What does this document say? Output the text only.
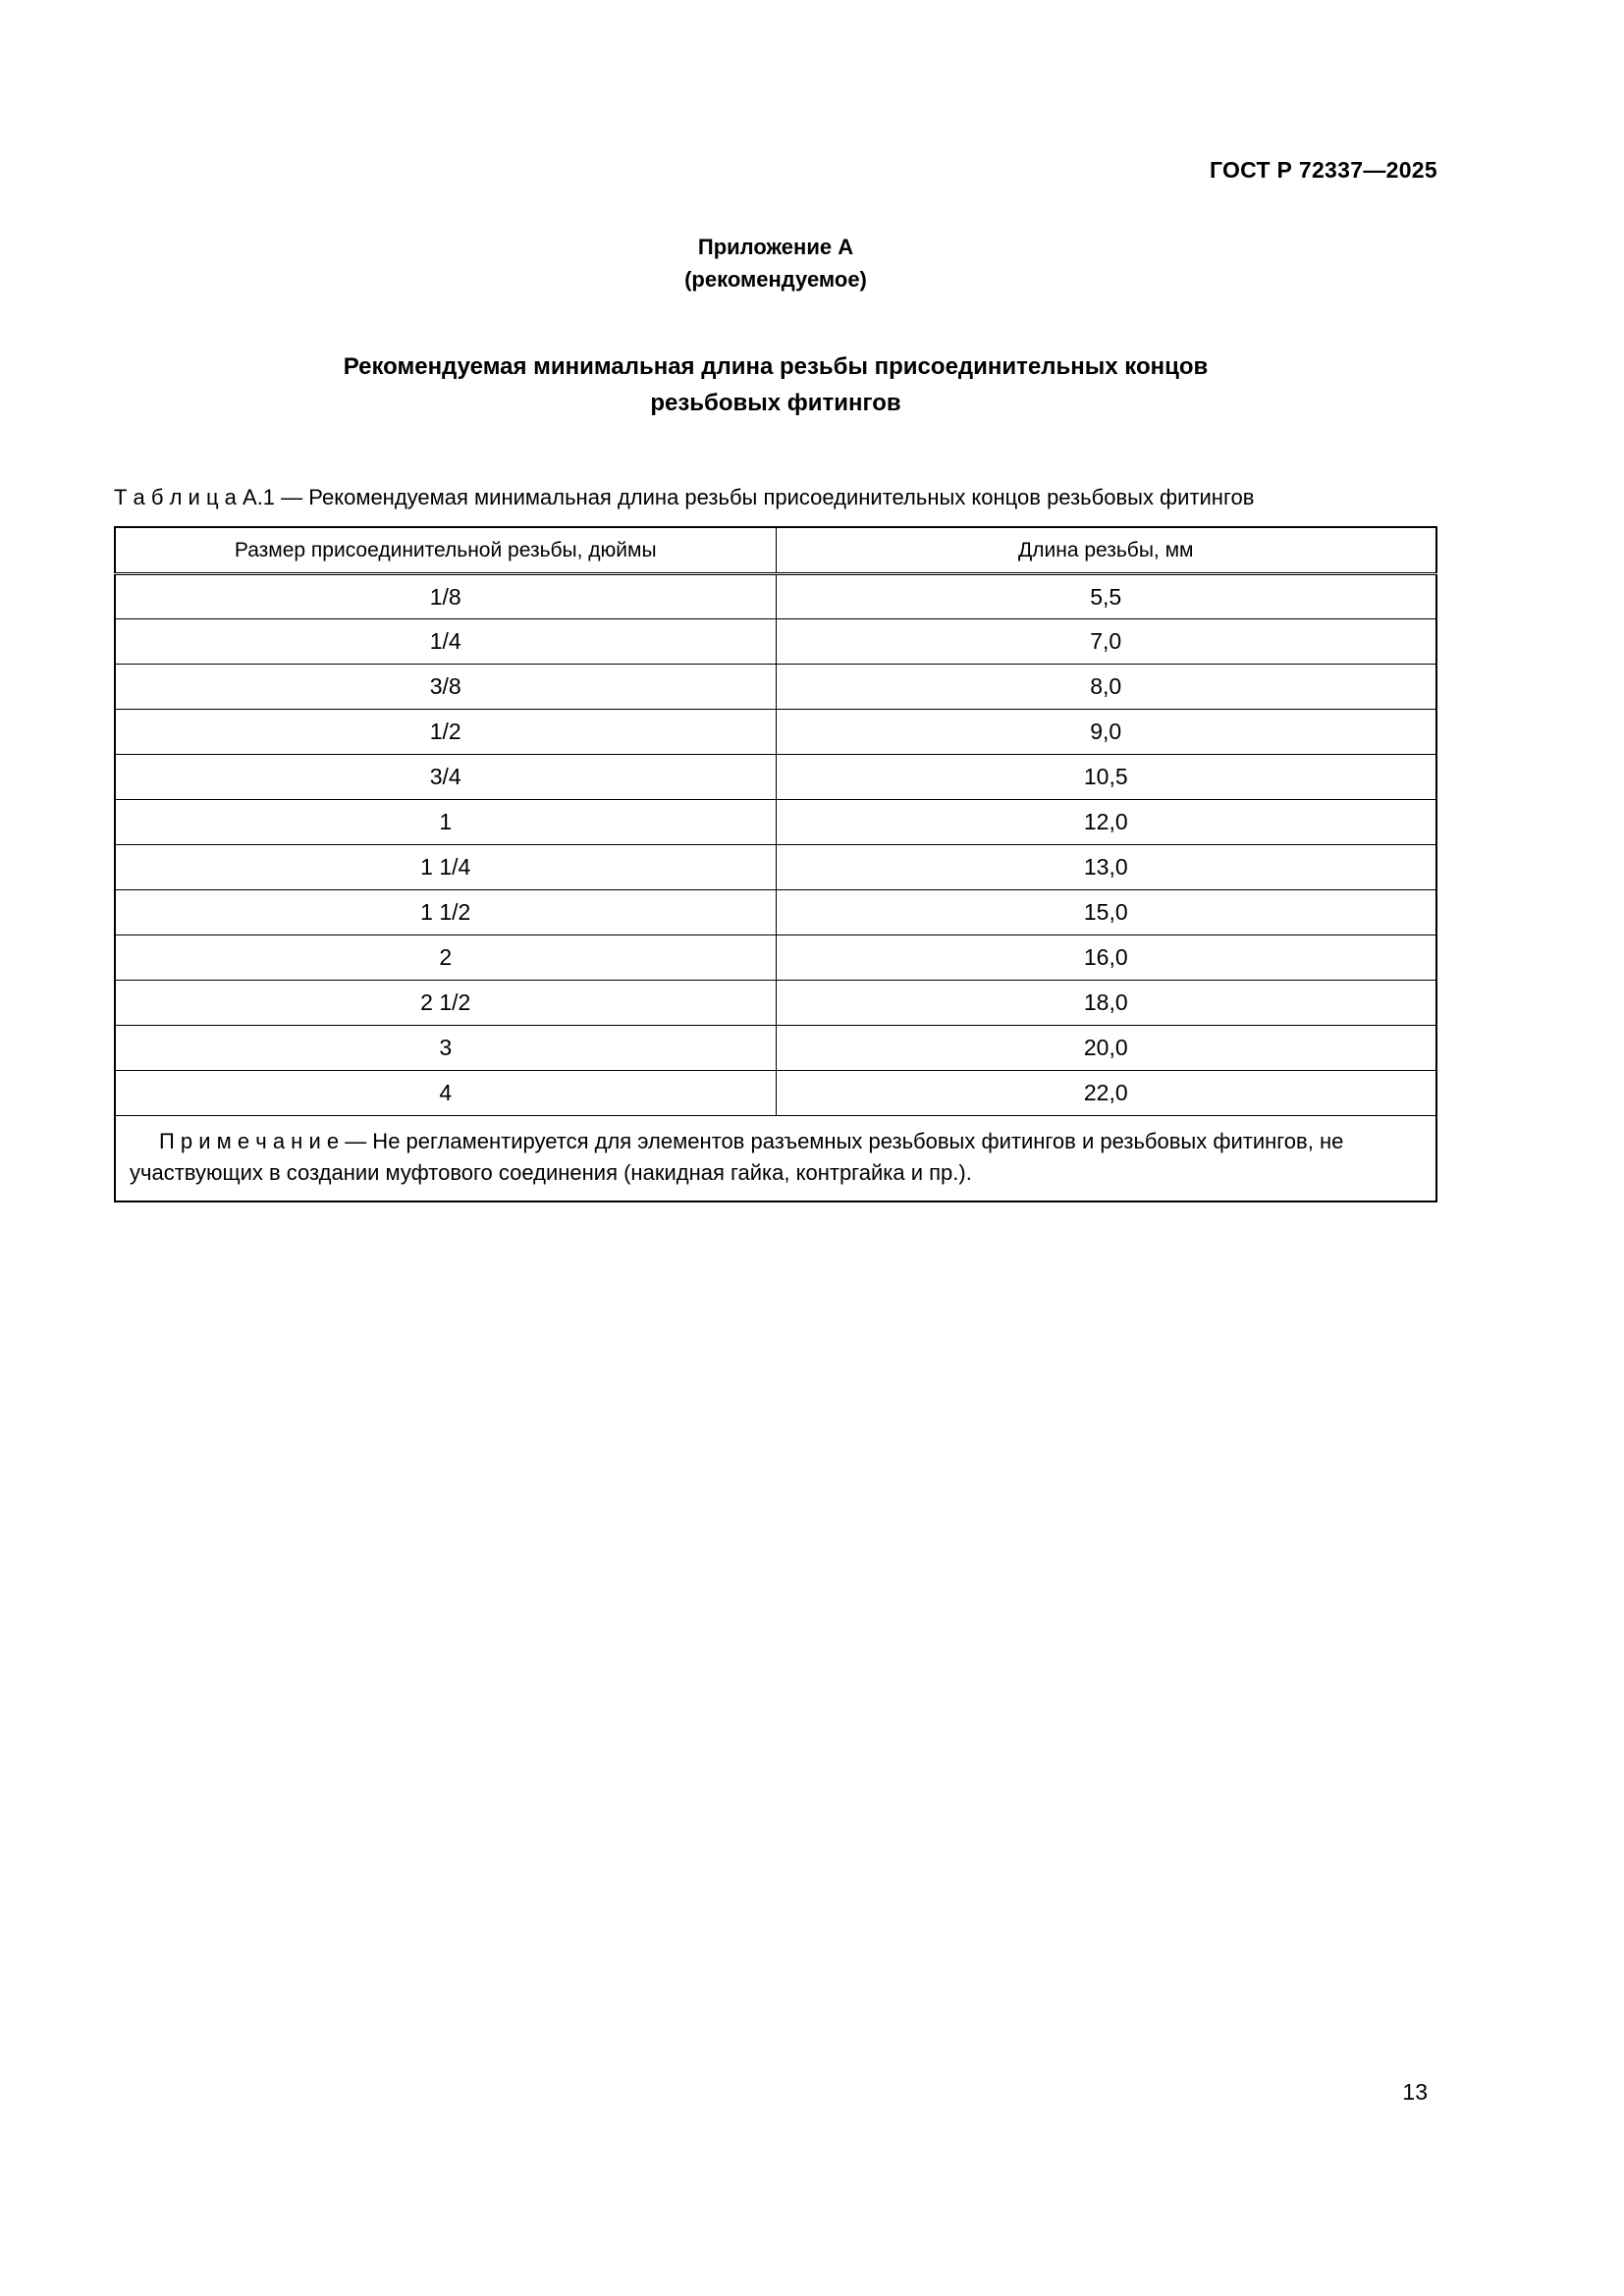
ГОСТ Р 72337—2025
Приложение А
(рекомендуемое)
Рекомендуемая минимальная длина резьбы присоединительных концов
резьбовых фитингов
Т а б л и ц а А.1 — Рекомендуемая минимальная длина резьбы присоединительных концов резьбовых фитингов
Размер присоединительной резьбы, дюймы	Длина резьбы, мм
1/8	5,5
1/4	7,0
3/8	8,0
1/2	9,0
3/4	10,5
1	12,0
1 1/4	13,0
1 1/2	15,0
2	16,0
2 1/2	18,0
3	20,0
4	22,0

П р и м е ч а н и е — Не регламентируется для элементов разъемных резьбовых фитингов и резьбовых фитингов, не участвующих в создании муфтового соединения (накидная гайка, контргайка и пр.).	

13
